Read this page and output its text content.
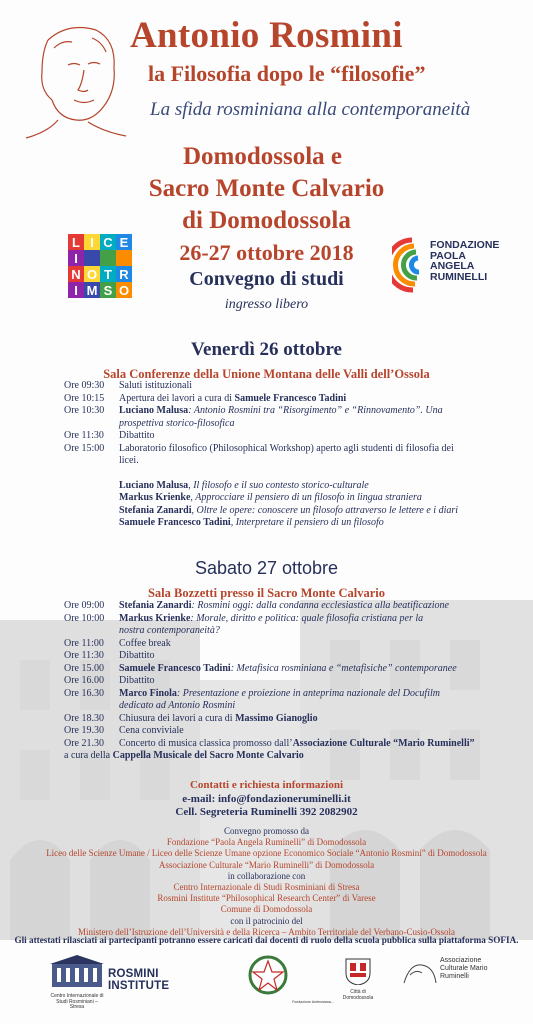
Antonio Rosmini
la Filosofia dopo le “filosofie”
La sfida rosminiana alla contemporaneità
Domodossola e
Sacro Monte Calvario
di Domodossola
26-27 ottobre 2018
Convegno di studi
ingresso libero
L I C E
I
N O T R
I M S O
FONDAZIONE
PAOLA
ANGELA
RUMINELLI
Venerdì 26 ottobre
Sala Conferenze della Unione Montana delle Valli dell’Ossola
Ore 09:30	Saluti istituzionali
Ore 10:15	Apertura dei lavori a cura di Samuele Francesco Tadini
Ore 10:30	Luciano Malusa: Antonio Rosmini tra “Risorgimento” e “Rinnovamento”. Una prospettiva storico-filosofica
Ore 11:30	Dibattito
Ore 15:00	Laboratorio filosofico (Philosophical Workshop) aperto agli studenti di filosofia dei licei.
Luciano Malusa, Il filosofo e il suo contesto storico-culturale
Markus Krienke, Approcciare il pensiero di un filosofo in lingua straniera
Stefania Zanardi, Oltre le opere: conoscere un filosofo attraverso le lettere e i diari
Samuele Francesco Tadini, Interpretare il pensiero di un filosofo
Sabato 27 ottobre
Sala Bozzetti presso il Sacro Monte Calvario
Ore 09:00	Stefania Zanardi: Rosmini oggi: dalla condanna ecclesiastica alla beatificazione
Ore 10:00	Markus Krienke: Morale, diritto e politica: quale filosofia cristiana per la nostra contemporaneità?
Ore 11:00	Coffee break
Ore 11:30	Dibattito
Ore 15.00	Samuele Francesco Tadini: Metafisica rosminiana e “metafisiche” contemporanee
Ore 16.00	Dibattito
Ore 16.30	Marco Finola: Presentazione e proiezione in anteprima nazionale del Docufilm dedicato ad Antonio Rosmini
Ore 18.30	Chiusura dei lavori a cura di Massimo Gianoglio
Ore 19.30	Cena conviviale
Ore 21.30	Concerto di musica classica promosso dall’Associazione Culturale “Mario Ruminelli”
a cura della Cappella Musicale del Sacro Monte Calvario
Contatti e richiesta informazioni
e-mail: info@fondazioneruminelli.it
Cell. Segreteria Ruminelli 392 2082902
Convegno promosso da
Fondazione “Paola Angela Ruminelli” di Domodossola
Liceo delle Scienze Umane / Liceo delle Scienze Umane opzione Economico Sociale “Antonio Rosmini” di Domodossola
Associazione Culturale “Mario Ruminelli” di Domodossola
in collaborazione con
Centro Internazionale di Studi Rosminiani di Stresa
Rosmini Institute “Philosophical Research Center” di Varese
Comune di Domodossola
con il patrocinio del
Ministero dell’Istruzione dell’Università e della Ricerca – Ambito Territoriale del Verbano-Cusio-Ossola
Gli attestati rilasciati ai partecipanti potranno essere caricati dai docenti di ruolo della scuola pubblica sulla piattaforma SOFIA.
Centro Internazionale di Studi Rosminiani – Stresa
ROSMINI INSTITUTE
Fondazione Ambrosiana...
Città di Domodossola
Associazione Culturale Mario Ruminelli
